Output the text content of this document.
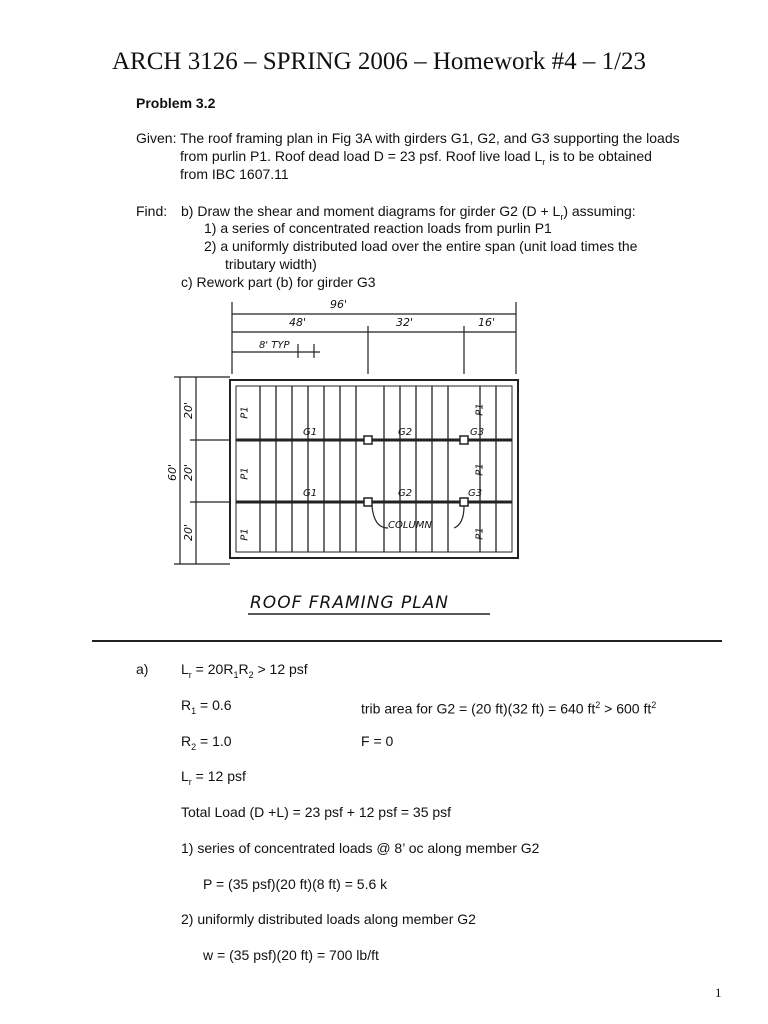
ARCH 3126 – SPRING 2006 – Homework #4 – 1/23
Problem 3.2
Given: The roof framing plan in Fig 3A with girders G1, G2, and G3 supporting the loads
from purlin P1. Roof dead load D = 23 psf. Roof live load $L_r$ is to be obtained
from IBC 1607.11
Find: b) Draw the shear and moment diagrams for girder G2 $(D + L_r)$ assuming:
1) a series of concentrated reaction loads from purlin P1
2) a uniformly distributed load over the entire span (unit load times the
tributary width)
c) Rework part (b) for girder G3
96'
48'	32'	16'
8' TYP
60'
20'
20'
20'
P1
P1
P1
P1
P1
P1
G1	G2	G3
G1	G2	G3
COLUMN
ROOF FRAMING PLAN
a) $L_r = 20R_1R_2 > 12$ psf
$R_1 = 0.6$	trib area for G2 = (20 ft)(32 ft) = 640 $ft^2 > 600$ $ft^2$
$R_2 = 1.0$	F = 0
$L_r = 12$ psf
Total Load (D +L) = 23 psf + 12 psf = 35 psf
1) series of concentrated loads @ 8’ oc along member G2
P = (35 psf)(20 ft)(8 ft) = 5.6 k
2) uniformly distributed loads along member G2
w = (35 psf)(20 ft) = 700 lb/ft
1
